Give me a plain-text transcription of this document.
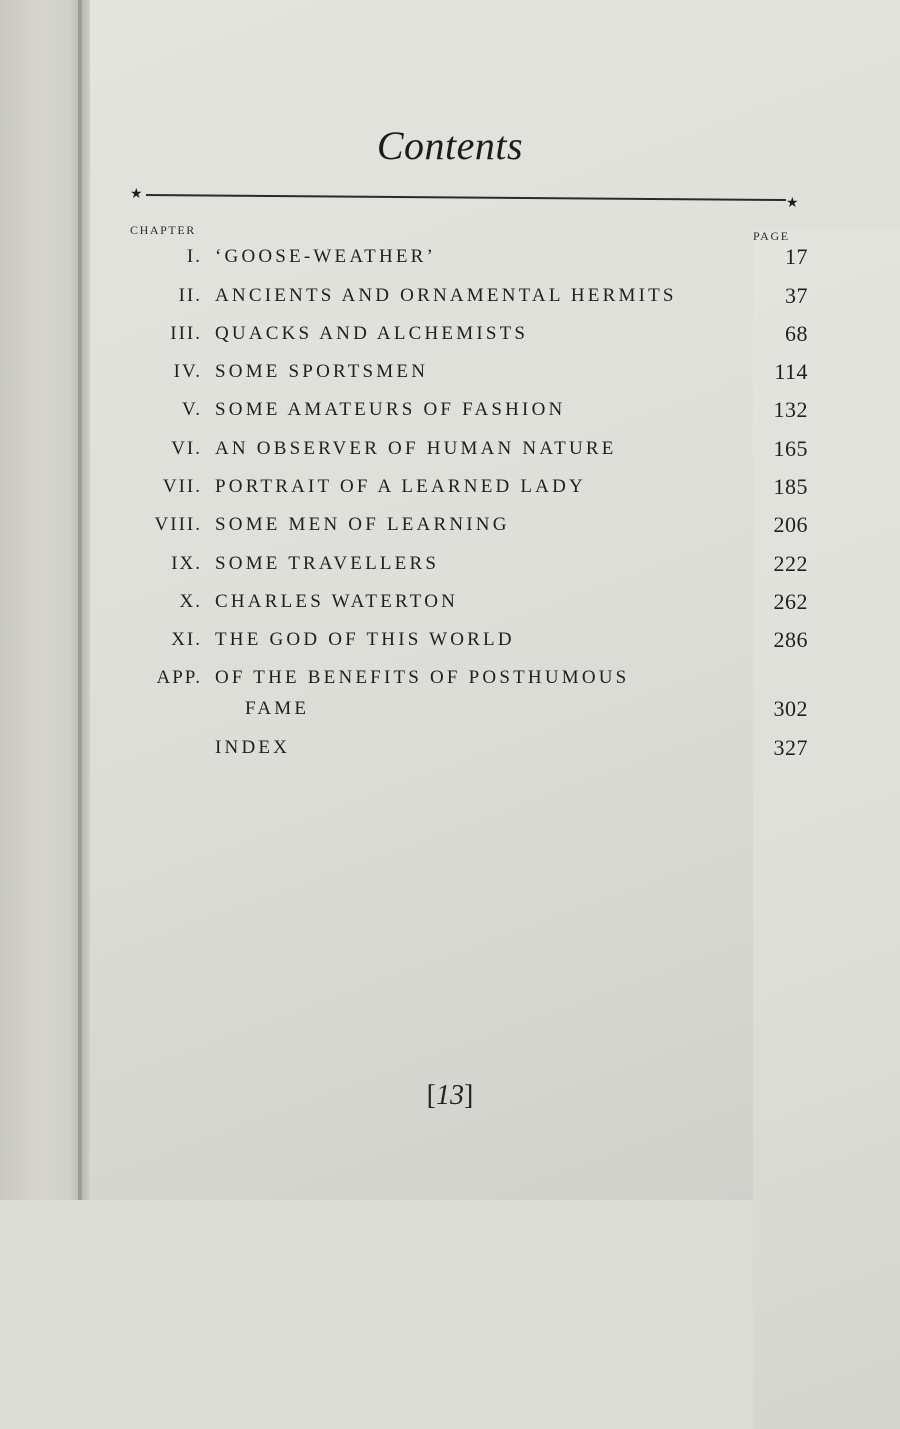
Contents
★
★
CHAPTER	PAGE
I. ‘GOOSE-WEATHER’	17
II. ANCIENTS AND ORNAMENTAL HERMITS	37
III. QUACKS AND ALCHEMISTS	68
IV. SOME SPORTSMEN	114
V. SOME AMATEURS OF FASHION	132
VI. AN OBSERVER OF HUMAN NATURE	165
VII. PORTRAIT OF A LEARNED LADY	185
VIII. SOME MEN OF LEARNING	206
IX. SOME TRAVELLERS	222
X. CHARLES WATERTON	262
XI. THE GOD OF THIS WORLD	286
APP. OF THE BENEFITS OF POSTHUMOUS
FAME	302
INDEX	327
[13]
